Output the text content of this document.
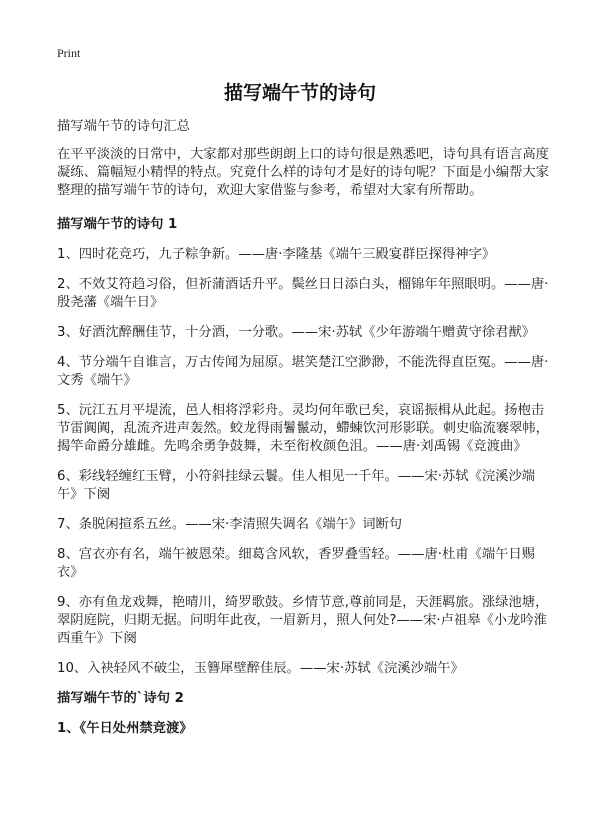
Print
描写端午节的诗句

描写端午节的诗句汇总

在平平淡淡的日常中，大家都对那些朗朗上口的诗句很是熟悉吧，诗句具有语言高度凝练、篇幅短小精悍的特点。究竟什么样的诗句才是好的诗句呢？下面是小编帮大家整理的描写端午节的诗句，欢迎大家借鉴与参考，希望对大家有所帮助。

描写端午节的诗句 1

1、四时花竞巧，九子粽争新。——唐·李隆基《端午三殿宴群臣探得神字》

2、不效艾符趋习俗，但祈蒲酒话升平。鬓丝日日添白头，榴锦年年照眼明。——唐·殷尧藩《端午日》

3、好酒沈醉酬佳节，十分酒，一分歌。——宋·苏轼《少年游端午赠黄守徐君猷》

4、节分端午自谁言，万古传闻为屈原。堪笑楚江空渺渺，不能洗得直臣冤。——唐·文秀《端午》

5、沅江五月平堤流，邑人相将浮彩舟。灵均何年歌已矣，哀谣振楫从此起。扬枹击节雷阗阗，乱流齐进声轰然。蛟龙得雨鬐鬣动，螮蝀饮河形影联。刺史临流褰翠帏，揭竿命爵分雄雌。先鸣余勇争鼓舞，未至衔枚颜色沮。——唐·刘禹锡《竞渡曲》

6、彩线轻缠红玉臂，小符斜挂绿云鬟。佳人相见一千年。——宋·苏轼《浣溪沙端午》下阕

7、条脱闲揎系五丝。——宋·李清照失调名《端午》词断句

8、宫衣亦有名，端午被恩荣。细葛含风软，香罗叠雪轻。——唐·杜甫《端午日赐衣》

9、亦有鱼龙戏舞，艳晴川，绮罗歌鼓。乡情节意,尊前同是，天涯羁旅。涨绿池塘，翠阴庭院，归期无据。问明年此夜，一眉新月，照人何处?——宋·卢祖皋《小龙吟淮西重午》下阕

10、入袂轻风不破尘，玉簪犀壁醉佳辰。——宋·苏轼《浣溪沙端午》

描写端午节的`诗句 2

1、《午日处州禁竞渡》
